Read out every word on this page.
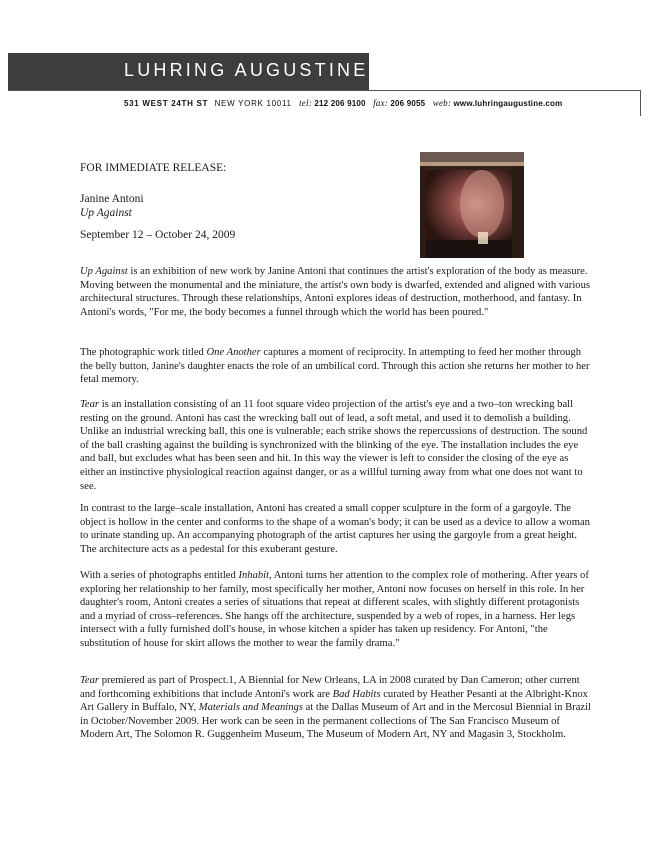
LUHRING AUGUSTINE
531 WEST 24TH ST NEW YORK 10011 tel: 212 206 9100 fax: 206 9055 web: www.luhringaugustine.com
FOR IMMEDIATE RELEASE:
Janine Antoni
Up Against
September 12 – October 24, 2009
Up Against is an exhibition of new work by Janine Antoni that continues the artist's exploration of the body as measure. Moving between the monumental and the miniature, the artist's own body is dwarfed, extended and aligned with various architectural structures. Through these relationships, Antoni explores ideas of destruction, motherhood, and fantasy. In Antoni's words, "For me, the body becomes a funnel through which the world has been poured."
The photographic work titled One Another captures a moment of reciprocity. In attempting to feed her mother through the belly button, Janine's daughter enacts the role of an umbilical cord. Through this action she returns her mother to her fetal memory.
Tear is an installation consisting of an 11 foot square video projection of the artist's eye and a two–ton wrecking ball resting on the ground. Antoni has cast the wrecking ball out of lead, a soft metal, and used it to demolish a building. Unlike an industrial wrecking ball, this one is vulnerable; each strike shows the repercussions of destruction. The sound of the ball crashing against the building is synchronized with the blinking of the eye. The installation includes the eye and ball, but excludes what has been seen and hit. In this way the viewer is left to consider the closing of the eye as either an instinctive physiological reaction against danger, or as a willful turning away from what one does not want to see.
In contrast to the large–scale installation, Antoni has created a small copper sculpture in the form of a gargoyle. The object is hollow in the center and conforms to the shape of a woman's body; it can be used as a device to allow a woman to urinate standing up. An accompanying photograph of the artist captures her using the gargoyle from a great height. The architecture acts as a pedestal for this exuberant gesture.
With a series of photographs entitled Inhabit, Antoni turns her attention to the complex role of mothering. After years of exploring her relationship to her family, most specifically her mother, Antoni now focuses on herself in this role. In her daughter's room, Antoni creates a series of situations that repeat at different scales, with slightly different protagonists and a myriad of cross–references. She hangs off the architecture, suspended by a web of ropes, in a harness. Her legs intersect with a fully furnished doll's house, in whose kitchen a spider has taken up residency. For Antoni, "the substitution of house for skirt allows the mother to wear the family drama."
Tear premiered as part of Prospect.1, A Biennial for New Orleans, LA in 2008 curated by Dan Cameron; other current and forthcoming exhibitions that include Antoni's work are Bad Habits curated by Heather Pesanti at the Albright-Knox Art Gallery in Buffalo, NY, Materials and Meanings at the Dallas Museum of Art and in the Mercosul Biennial in Brazil in October/November 2009. Her work can be seen in the permanent collections of The San Francisco Museum of Modern Art, The Solomon R. Guggenheim Museum, The Museum of Modern Art, NY and Magasin 3, Stockholm.
